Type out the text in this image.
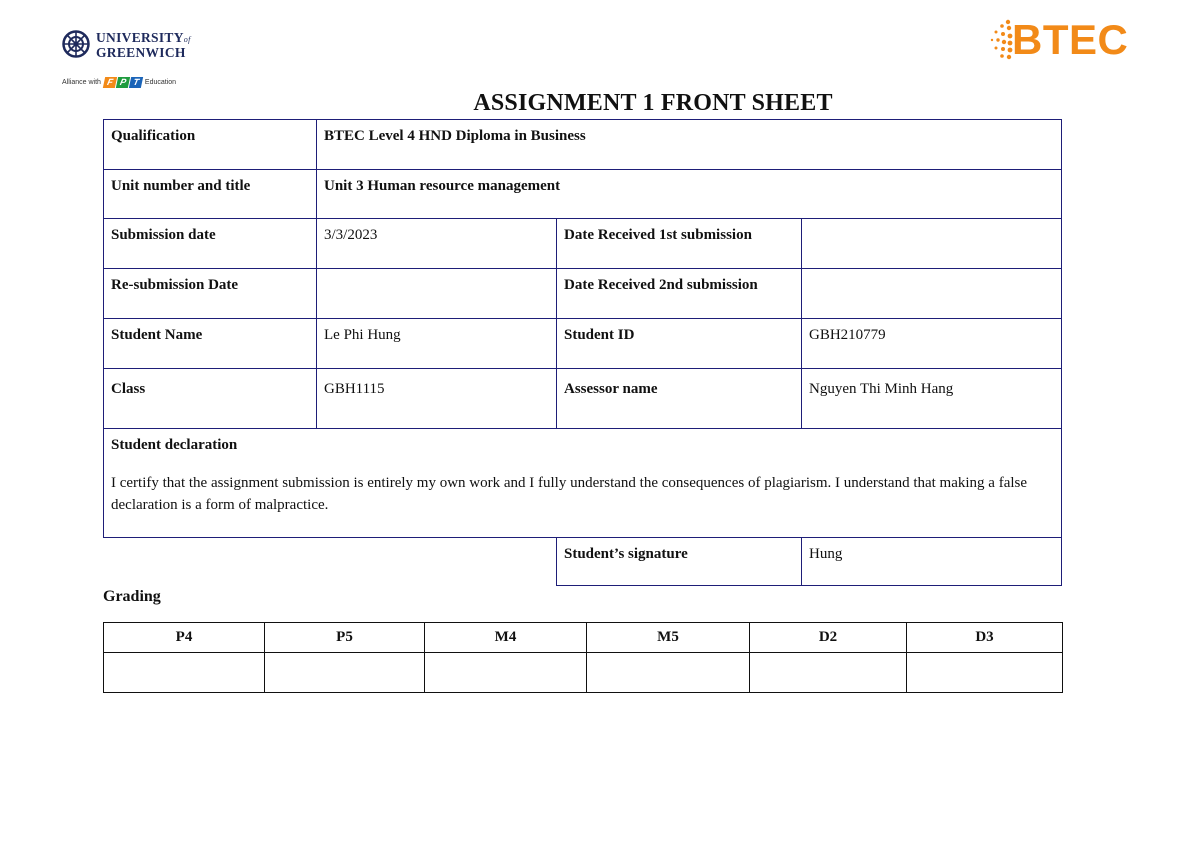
UNIVERSITYof
GREENWICH
Alliance with F P T Education
BTEC
ASSIGNMENT 1 FRONT SHEET
Qualification	BTEC Level 4 HND Diploma in Business		
Unit number and title	Unit 3 Human resource management		
Submission date	3/3/2023	Date Received 1st submission	
Re-submission Date		Date Received 2nd submission	
Student Name	Le Phi Hung	Student ID	GBH210779
Class	GBH1115	Assessor name	Nguyen Thi Minh Hang

Student declaration
I certify that the assignment submission is entirely my own work and I fully understand the consequences of plagiarism. I understand that making a false declaration is a form of malpractice.			

		Student’s signature	Hung
Grading
P4	P5	M4	M5	D2	D3
